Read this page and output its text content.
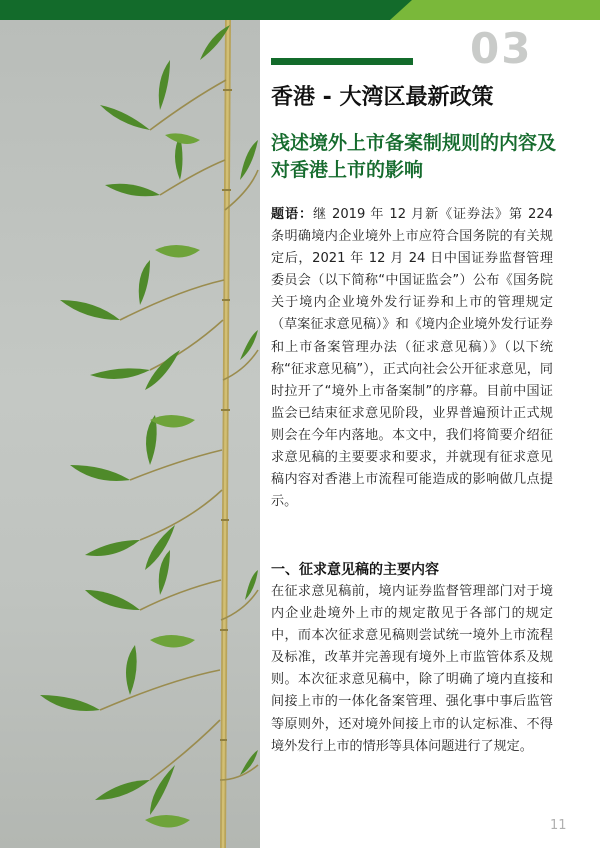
03
香港 - 大湾区最新政策
浅述境外上市备案制规则的内容及对香港上市的影响

题语：继 2019 年 12 月新《证券法》第 224 条明确境内企业境外上市应符合国务院的有关规定后，2021 年 12 月 24 日中国证券监督管理委员会（以下简称“中国证监会”）公布《国务院关于境内企业境外发行证券和上市的管理规定（草案征求意见稿）》和《境内企业境外发行证券和上市备案管理办法（征求意见稿）》（以下统称“征求意见稿”），正式向社会公开征求意见，同时拉开了“境外上市备案制”的序幕。目前中国证监会已结束征求意见阶段，业界普遍预计正式规则会在今年内落地。本文中，我们将简要介绍征求意见稿的主要要求和要求，并就现有征求意见稿内容对香港上市流程可能造成的影响做几点提示。

一、征求意见稿的主要内容

在征求意见稿前，境内证券监督管理部门对于境内企业赴境外上市的规定散见于各部门的规定中，而本次征求意见稿则尝试统一境外上市流程及标准，改革并完善现有境外上市监管体系及规则。本次征求意见稿中，除了明确了境内直接和间接上市的一体化备案管理、强化事中事后监管等原则外，还对境外间接上市的认定标准、不得境外发行上市的情形等具体问题进行了规定。

11
